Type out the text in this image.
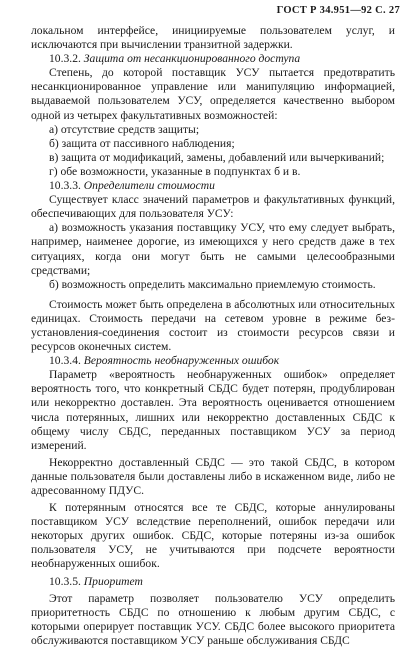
ГОСТ Р 34.951—92 С. 27

локальном интерфейсе, инициируемые пользователем услуг, и исключаются при вычислении транзитной задержки.

10.3.2. Защита от несанкционированного доступа

Степень, до которой поставщик УСУ пытается предотвратить несанкционированное управление или манипуляцию информацией, выдаваемой пользователем УСУ, определяется качественно выбором одной из четырех факультативных возможностей:

а) отсутствие средств защиты;

б) защита от пассивного наблюдения;

в) защита от модификаций, замены, добавлений или вычеркиваний;

г) обе возможности, указанные в подпунктах б и в.

10.3.3. Определители стоимости

Существует класс значений параметров и факультативных функций, обеспечивающих для пользователя УСУ:

а) возможность указания поставщику УСУ, что ему следует выбрать, например, наименее дорогие, из имеющихся у него средств даже в тех ситуациях, когда они могут быть не самыми целесообразными средствами;

б) возможность определить максимально приемлемую стоимость.

Стоимость может быть определена в абсолютных или относительных единицах. Стоимость передачи на сетевом уровне в режиме без-установления-соединения состоит из стоимости ресурсов связи и ресурсов оконечных систем.

10.3.4. Вероятность необнаруженных ошибок

Параметр «вероятность необнаруженных ошибок» определяет вероятность того, что конкретный СБДС будет потерян, продублирован или некорректно доставлен. Эта вероятность оценивается отношением числа потерянных, лишних или некорректно доставленных СБДС к общему числу СБДС, переданных поставщиком УСУ за период измерений.

Некорректно доставленный СБДС — это такой СБДС, в котором данные пользователя были доставлены либо в искаженном виде, либо не адресованному ПДУС.

К потерянным относятся все те СБДС, которые аннулированы поставщиком УСУ вследствие переполнений, ошибок передачи или некоторых других ошибок. СБДС, которые потеряны из-за ошибок пользователя УСУ, не учитываются при подсчете вероятности необнаруженных ошибок.

10.3.5. Приоритет

Этот параметр позволяет пользователю УСУ определить приоритетность СБДС по отношению к любым другим СБДС, с которыми оперирует поставщик УСУ. СБДС более высокого приоритета обслуживаются поставщиком УСУ раньше обслуживания СБДС
